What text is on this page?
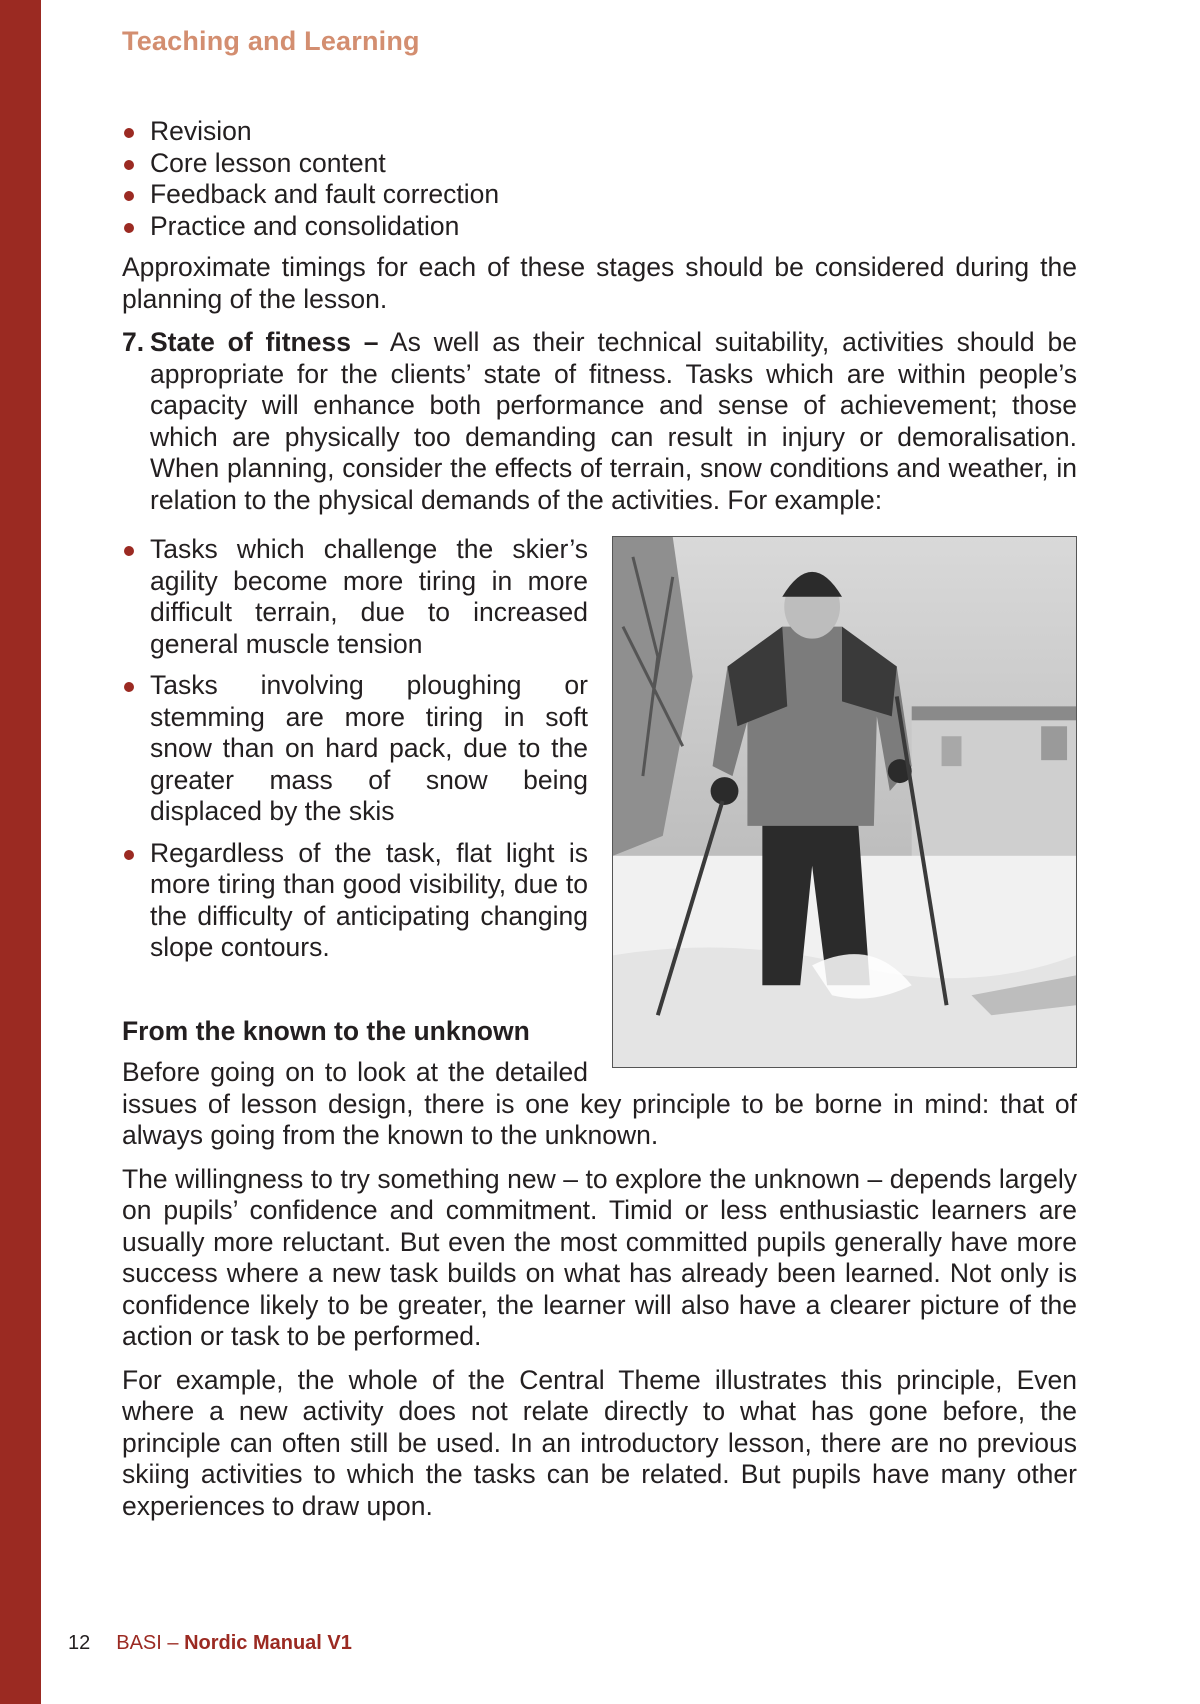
Teaching and Learning
Revision
Core lesson content
Feedback and fault correction
Practice and consolidation

Approximate timings for each of these stages should be considered during the planning of the lesson.

7. State of fitness – As well as their technical suitability, activities should be appropriate for the clients’ state of fitness. Tasks which are within people’s capacity will enhance both performance and sense of achievement; those which are physically too demanding can result in injury or demoralisation. When planning, consider the effects of terrain, snow conditions and weather, in relation to the physical demands of the activities. For example:
Tasks which challenge the skier’s agility become more tiring in more difficult terrain, due to increased general muscle tension
Tasks involving ploughing or stemming are more tiring in soft snow than on hard pack, due to the greater mass of snow being displaced by the skis
Regardless of the task, flat light is more tiring than good visibility, due to the difficulty of anticipating changing slope contours.
From the known to the unknown

Before going on to look at the detailed issues of lesson design, there is one key principle to be borne in mind: that of always going from the known to the unknown.

The willingness to try something new – to explore the unknown – depends largely on pupils’ confidence and commitment. Timid or less enthusiastic learners are usually more reluctant. But even the most committed pupils generally have more success where a new task builds on what has already been learned. Not only is confidence likely to be greater, the learner will also have a clearer picture of the action or task to be performed.

For example, the whole of the Central Theme illustrates this principle, Even where a new activity does not relate directly to what has gone before, the principle can often still be used. In an introductory lesson, there are no previous skiing activities to which the tasks can be related. But pupils have many other experiences to draw upon.

12 BASI – Nordic Manual V1
